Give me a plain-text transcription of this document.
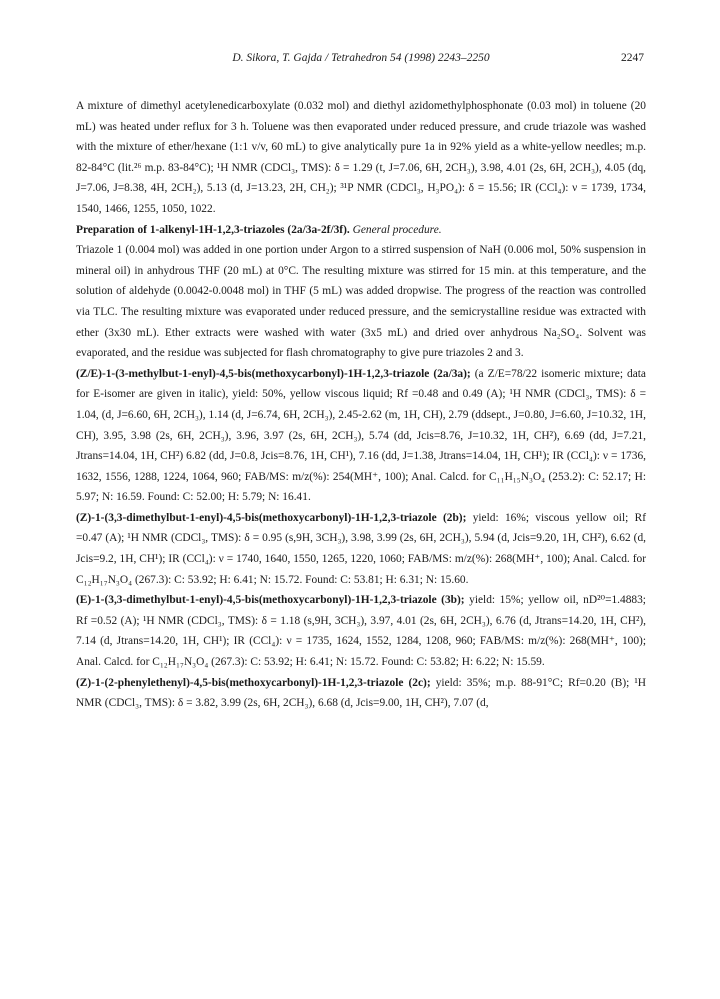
D. Sikora, T. Gajda / Tetrahedron 54 (1998) 2243–2250	2247

A mixture of dimethyl acetylenedicarboxylate (0.032 mol) and diethyl azidomethylphosphonate (0.03 mol) in toluene (20 mL) was heated under reflux for 3 h. Toluene was then evaporated under reduced pressure, and crude triazole was washed with the mixture of ether/hexane (1:1 v/v, 60 mL) to give analytically pure 1a in 92% yield as a white-yellow needles; m.p. 82-84°C (lit.²⁶ m.p. 83-84°C); ¹H NMR (CDCl₃, TMS): δ = 1.29 (t, J=7.06, 6H, 2CH₃), 3.98, 4.01 (2s, 6H, 2CH₃), 4.05 (dq, J=7.06, J=8.38, 4H, 2CH₂), 5.13 (d, J=13.23, 2H, CH₂); ³¹P NMR (CDCl₃, H₃PO₄): δ = 15.56; IR (CCl₄): ν = 1739, 1734, 1540, 1466, 1255, 1050, 1022.

Preparation of 1-alkenyl-1H-1,2,3-triazoles (2a/3a-2f/3f). General procedure.

Triazole 1 (0.004 mol) was added in one portion under Argon to a stirred suspension of NaH (0.006 mol, 50% suspension in mineral oil) in anhydrous THF (20 mL) at 0°C. The resulting mixture was stirred for 15 min. at this temperature, and the solution of aldehyde (0.0042-0.0048 mol) in THF (5 mL) was added dropwise. The progress of the reaction was controlled via TLC. The resulting mixture was evaporated under reduced pressure, and the semicrystalline residue was extracted with ether (3x30 mL). Ether extracts were washed with water (3x5 mL) and dried over anhydrous Na₂SO₄. Solvent was evaporated, and the residue was subjected for flash chromatography to give pure triazoles 2 and 3.

(Z/E)-1-(3-methylbut-1-enyl)-4,5-bis(methoxycarbonyl)-1H-1,2,3-triazole (2a/3a); (a Z/E=78/22 isomeric mixture; data for E-isomer are given in italic), yield: 50%, yellow viscous liquid; Rf =0.48 and 0.49 (A); ¹H NMR (CDCl₃, TMS): δ = 1.04, (d, J=6.60, 6H, 2CH₃), 1.14 (d, J=6.74, 6H, 2CH₃), 2.45-2.62 (m, 1H, CH), 2.79 (ddsept., J=0.80, J=6.60, J=10.32, 1H, CH), 3.95, 3.98 (2s, 6H, 2CH₃), 3.96, 3.97 (2s, 6H, 2CH₃), 5.74 (dd, Jcis=8.76, J=10.32, 1H, CH²), 6.69 (dd, J=7.21, Jtrans=14.04, 1H, CH²) 6.82 (dd, J=0.8, Jcis=8.76, 1H, CH¹), 7.16 (dd, J=1.38, Jtrans=14.04, 1H, CH¹); IR (CCl₄): ν = 1736, 1632, 1556, 1288, 1224, 1064, 960; FAB/MS: m/z(%): 254(MH⁺, 100); Anal. Calcd. for C₁₁H₁₅N₃O₄ (253.2): C: 52.17; H: 5.97; N: 16.59. Found: C: 52.00; H: 5.79; N: 16.41.

(Z)-1-(3,3-dimethylbut-1-enyl)-4,5-bis(methoxycarbonyl)-1H-1,2,3-triazole (2b); yield: 16%; viscous yellow oil; Rf =0.47 (A); ¹H NMR (CDCl₃, TMS): δ = 0.95 (s,9H, 3CH₃), 3.98, 3.99 (2s, 6H, 2CH₃), 5.94 (d, Jcis=9.20, 1H, CH²), 6.62 (d, Jcis=9.2, 1H, CH¹); IR (CCl₄): ν = 1740, 1640, 1550, 1265, 1220, 1060; FAB/MS: m/z(%): 268(MH⁺, 100); Anal. Calcd. for C₁₂H₁₇N₃O₄ (267.3): C: 53.92; H: 6.41; N: 15.72. Found: C: 53.81; H: 6.31; N: 15.60.

(E)-1-(3,3-dimethylbut-1-enyl)-4,5-bis(methoxycarbonyl)-1H-1,2,3-triazole (3b); yield: 15%; yellow oil, nD²⁰=1.4883; Rf =0.52 (A); ¹H NMR (CDCl₃, TMS): δ = 1.18 (s,9H, 3CH₃), 3.97, 4.01 (2s, 6H, 2CH₃), 6.76 (d, Jtrans=14.20, 1H, CH²), 7.14 (d, Jtrans=14.20, 1H, CH¹); IR (CCl₄): ν = 1735, 1624, 1552, 1284, 1208, 960; FAB/MS: m/z(%): 268(MH⁺, 100); Anal. Calcd. for C₁₂H₁₇N₃O₄ (267.3): C: 53.92; H: 6.41; N: 15.72. Found: C: 53.82; H: 6.22; N: 15.59.

(Z)-1-(2-phenylethenyl)-4,5-bis(methoxycarbonyl)-1H-1,2,3-triazole (2c); yield: 35%; m.p. 88-91°C; Rf=0.20 (B); ¹H NMR (CDCl₃, TMS): δ = 3.82, 3.99 (2s, 6H, 2CH₃), 6.68 (d, Jcis=9.00, 1H, CH²), 7.07 (d,
